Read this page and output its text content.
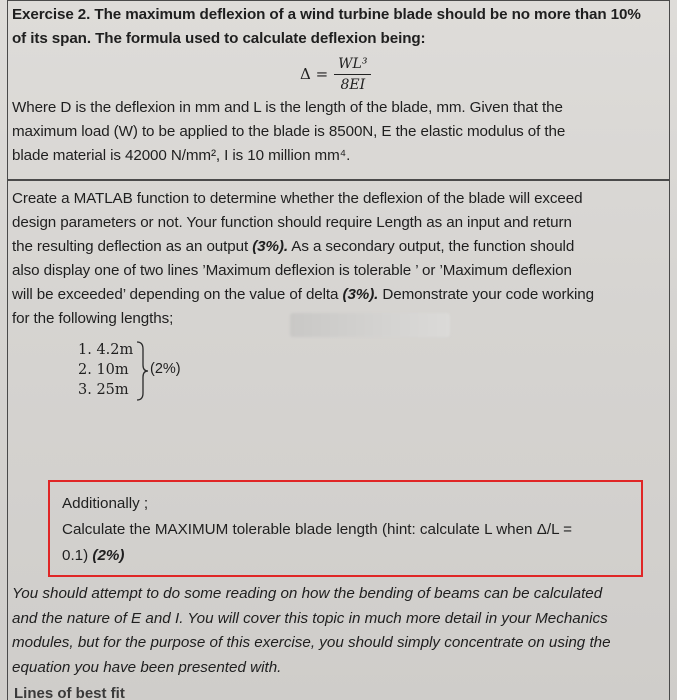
Exercise 2. The maximum deflexion of a wind turbine blade should be no more than 10%
of its span. The formula used to calculate deflexion being:
$\Delta = \frac{\text{WL³}}{8EI}$
Where D is the deflexion in mm and L is the length of the blade, mm. Given that the
maximum load (W) to be applied to the blade is 8500N, E the elastic modulus of the
blade material is 42000 N/mm², I is 10 million mm⁴.
Create a MATLAB function to determine whether the deflexion of the blade will exceed
design parameters or not. Your function should require Length as an input and return
the resulting deflection as an output (3%). As a secondary output, the function should
also display one of two lines ’Maximum deflexion is tolerable ’ or ’Maximum deflexion
will be exceeded’ depending on the value of delta (3%). Demonstrate your code working
for the following lengths;
1. 4.2m
2. 10m
3. 25m
(2%)
Additionally ;
Calculate the MAXIMUM tolerable blade length (hint: calculate L when Δ/L =
0.1) (2%)
You should attempt to do some reading on how the bending of beams can be calculated
and the nature of E and I. You will cover this topic in much more detail in your Mechanics
modules, but for the purpose of this exercise, you should simply concentrate on using the
equation you have been presented with.
Lines of best fit
